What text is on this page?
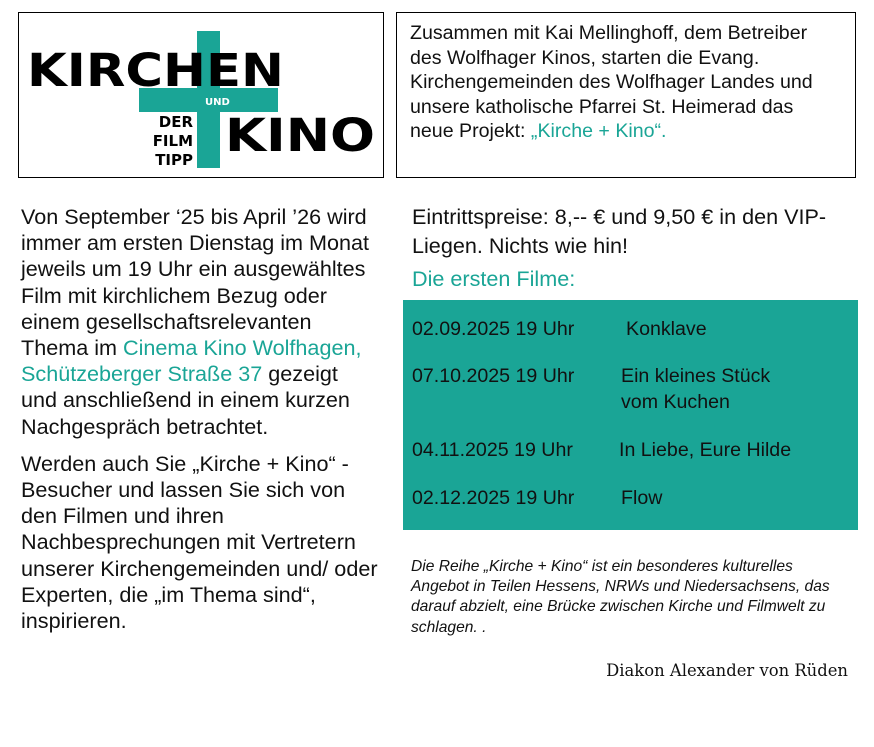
KIRCHEN
UND
KINO
DER
FILM
TIPP

Zusammen mit Kai Mellinghoff, dem Betreiber des Wolfhager Kinos, starten die Evang. Kirchengemeinden des Wolfhager Landes und unsere katholische Pfarrei St. Heimerad das neue Projekt: „Kirche + Kino“.

Von September ‘25 bis April ’26 wird immer am ersten Dienstag im Monat jeweils um 19 Uhr ein ausgewähltes Film mit kirchlichem Bezug oder einem gesellschaftsrelevanten Thema im Cinema Kino Wolfhagen, Schützeberger Straße 37 gezeigt und anschließend in einem kurzen Nachgespräch betrachtet.

Werden auch Sie „Kirche + Kino“ -Besucher und lassen Sie sich von den Filmen und ihren Nachbesprechungen mit Vertretern unserer Kirchengemeinden und/ oder Experten, die „im Thema sind“, inspirieren.

Eintrittspreise: 8,-- € und 9,50 € in den VIP-Liegen. Nichts wie hin!

Die ersten Filme:

02.09.2025 19 Uhr	Konklave
07.10.2025 19 Uhr Ein kleines Stück
vom Kuchen
04.11.2025 19 Uhr In Liebe, Eure Hilde
02.12.2025 19 Uhr Flow

Die Reihe „Kirche + Kino“ ist ein besonderes kulturelles Angebot in Teilen Hessens, NRWs und Niedersachsens, das darauf abzielt, eine Brücke zwischen Kirche und Filmwelt zu schlagen. .

Diakon Alexander von Rüden
